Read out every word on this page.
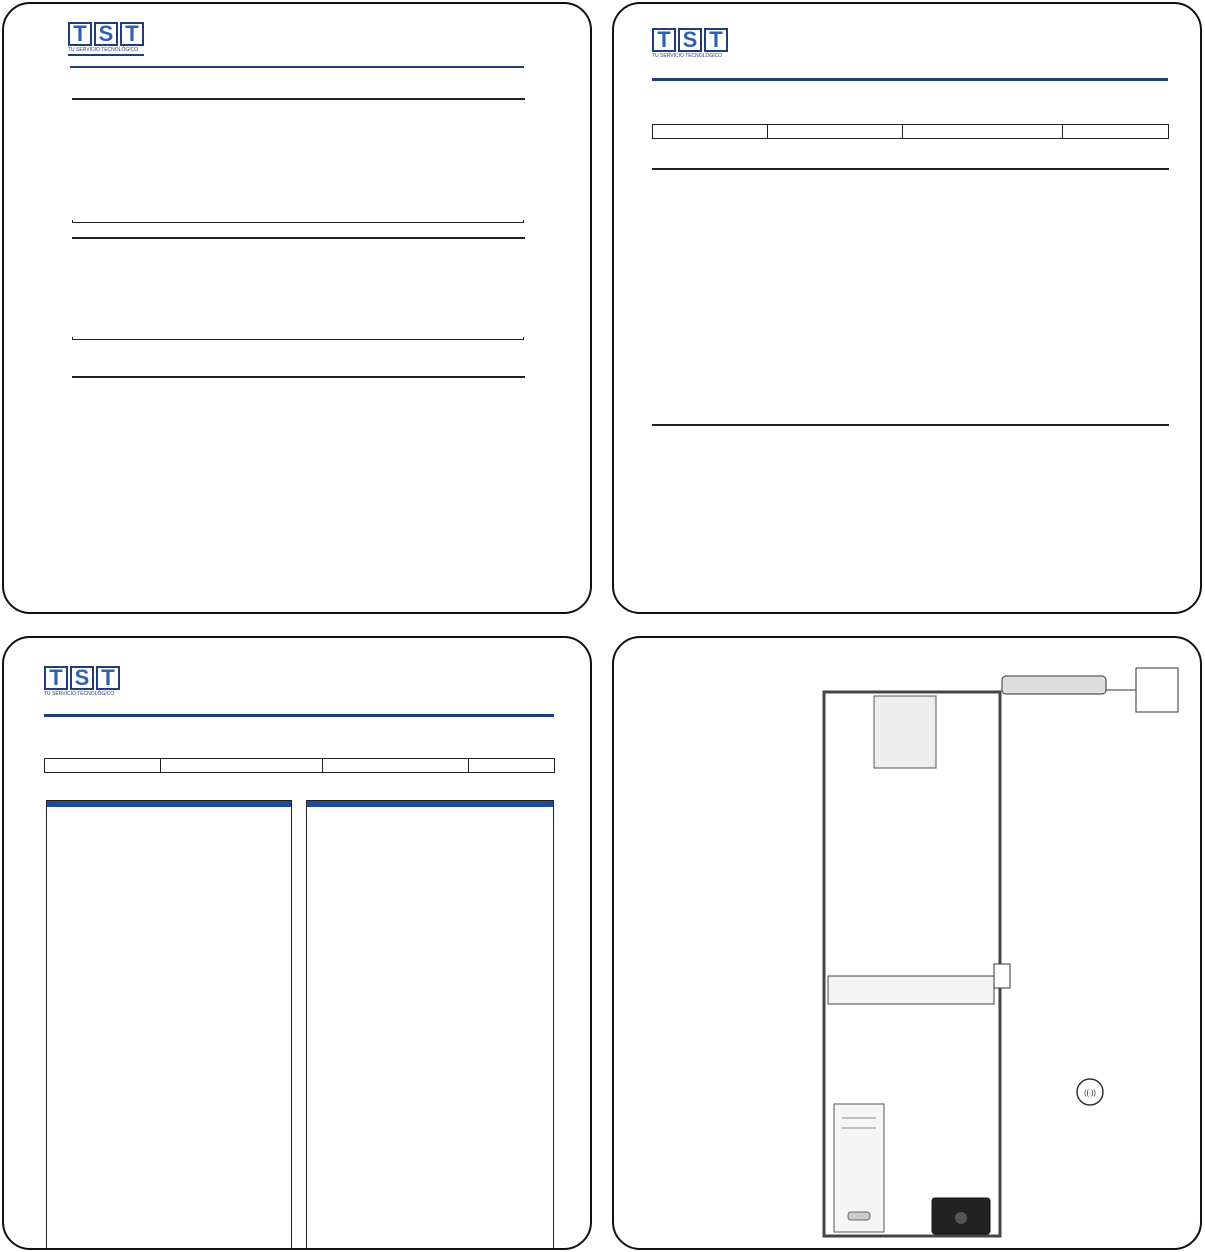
T S T
TU SERVICIO TECNOLÓGICO	T S T
TU SERVICIO TECNOLÓGICO

T S T
TU SERVICIO TECNOLÓGICO

((·))
